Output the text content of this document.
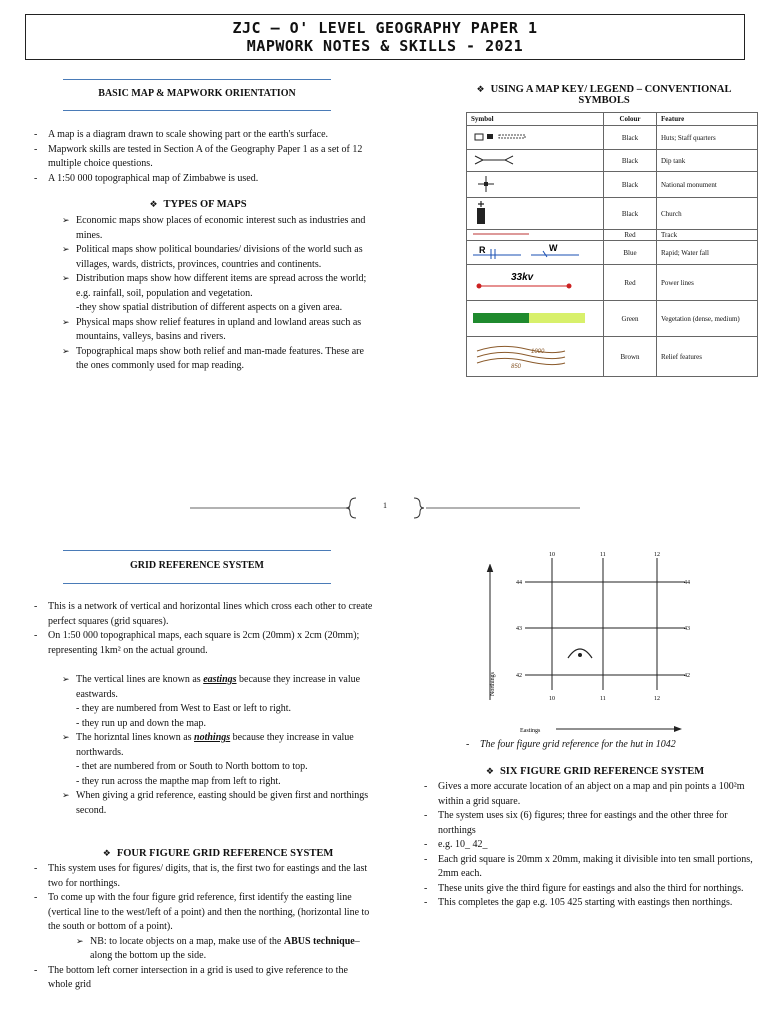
ZJC – O' LEVEL GEOGRAPHY PAPER 1
MAPWORK NOTES & SKILLS - 2021
BASIC MAP & MAPWORK ORIENTATION
- A map is a diagram drawn to scale showing part or the earth's surface.
- Mapwork skills are tested in Section A of the Geography Paper 1 as a set of 12 multiple choice questions.
- A 1:50 000 topographical map of Zimbabwe is used.
❖ TYPES OF MAPS
➢ Economic maps show places of economic interest such as industries and mines.
➢ Political maps show political boundaries/ divisions of the world such as villages, wards, districts, provinces, countries and continents.
➢ Distribution maps show how different items are spread across the world; e.g. rainfall, soil, population and vegetation.
-they show spatial distribution of different aspects on a given area.
➢ Physical maps show relief features in upland and lowland areas such as mountains, valleys, basins and rivers.
➢ Topographical maps show both relief and man-made features. These are the ones commonly used for map reading.
❖ USING A MAP KEY/ LEGEND – CONVENTIONAL
SYMBOLS
Symbol	Colour	Feature
	Black	Huts; Staff quarters
	Black	Dip tank
	Black	National monument
	Black	Church
	Red	Track

R W	Blue	Rapid; Water fall

33kv	Red	Power lines
	Green	Vegetation (dense, medium)

1000
850	Brown	Relief features
1
GRID REFERENCE SYSTEM
- This is a network of vertical and horizontal lines which cross each other to create perfect squares (grid squares).
- On 1:50 000 topographical maps, each square is 2cm (20mm) x 2cm (20mm); representing 1km² on the actual ground.
➢ The vertical lines are known as eastings because they increase in value eastwards.
- they are numbered from West to East or left to right.
- they run up and down the map.
➢ The horizntal lines known as nothings because they increase in value northwards.
- thet are numbered from or South to North bottom to top.
- they run across the mapthe map from left to right.
➢ When giving a grid reference, easting should be given first and northings second.
10	11	12
10	11	12
44
43
42
44
43
42
Northings
Eastings
- The four figure grid reference for the hut in 1042
❖ SIX FIGURE GRID REFERENCE SYSTEM
- Gives a more accurate location of an abject on a map and pin points a 100²m within a grid square.
- The system uses six (6) figures; three for eastings and the other three for northings
- e.g. 10_ 42_
- Each grid square is 20mm x 20mm, making it divisible into ten small portions, 2mm each.
- These units give the third figure for eastings and also the third for northings.
- This completes the gap e.g. 105 425 starting with eastings then northings.
❖ FOUR FIGURE GRID REFERENCE SYSTEM
- This system uses for figures/ digits, that is, the first two for eastings and the last two for northings.
- To come up with the four figure grid reference, first identify the easting line (vertical line to the west/left of a point) and then the northing, (horizontal line to the south or bottom of a point).
➢ NB: to locate objects on a map, make use of the ABUS technique– along the bottom up the side.
- The bottom left corner intersection in a grid is used to give reference to the whole grid
